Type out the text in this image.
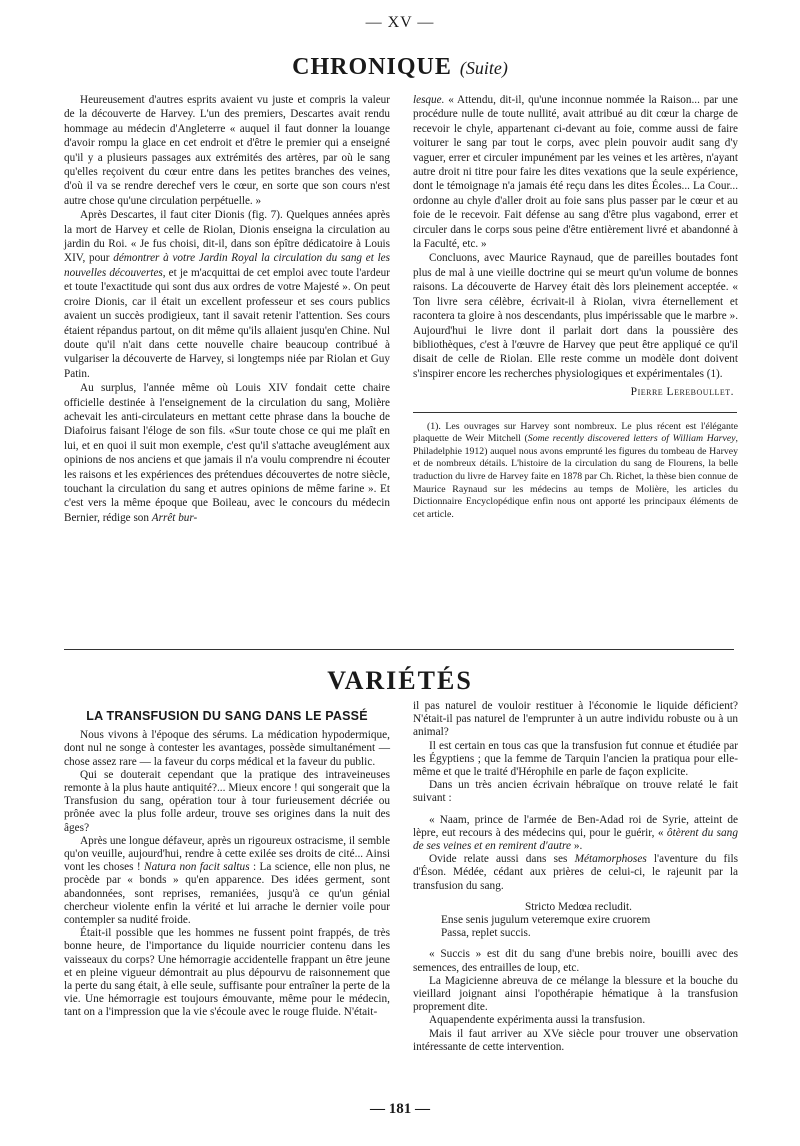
— XV —
CHRONIQUE (Suite)

Heureusement d'autres esprits avaient vu juste et compris la valeur de la découverte de Harvey. L'un des premiers, Descartes avait rendu hommage au médecin d'Angleterre « auquel il faut donner la louange d'avoir rompu la glace en cet endroit et d'être le premier qui a enseigné qu'il y a plusieurs passages aux extrémités des artères, par où le sang qu'elles reçoivent du cœur entre dans les petites branches des veines, d'où il va se rendre derechef vers le cœur, en sorte que son cours n'est autre chose qu'une circulation perpétuelle. »

Après Descartes, il faut citer Dionis (fig. 7). Quelques années après la mort de Harvey et celle de Riolan, Dionis enseigna la circulation au jardin du Roi. « Je fus choisi, dit-il, dans son épître dédicatoire à Louis XIV, pour démontrer à votre Jardin Royal la circulation du sang et les nouvelles découvertes, et je m'acquittai de cet emploi avec toute l'ardeur et toute l'exactitude qui sont dus aux ordres de votre Majesté ». On peut croire Dionis, car il était un excellent professeur et ses cours publics avaient un succès prodigieux, tant il savait retenir l'attention. Ses cours étaient répandus partout, on dit même qu'ils allaient jusqu'en Chine. Nul doute qu'il n'ait dans cette nouvelle chaire beaucoup contribué à vulgariser la découverte de Harvey, si longtemps niée par Riolan et Guy Patin.

Au surplus, l'année même où Louis XIV fondait cette chaire officielle destinée à l'enseignement de la circulation du sang, Molière achevait les anti-circulateurs en mettant cette phrase dans la bouche de Diafoirus faisant l'éloge de son fils. «Sur toute chose ce qui me plaît en lui, et en quoi il suit mon exemple, c'est qu'il s'attache aveuglément aux opinions de nos anciens et que jamais il n'a voulu comprendre ni écouter les raisons et les expériences des prétendues découvertes de notre siècle, touchant la circulation du sang et autres opinions de même farine ». Et c'est vers la même époque que Boileau, avec le concours du médecin Bernier, rédige son Arrêt bur-

lesque. « Attendu, dit-il, qu'une inconnue nommée la Raison... par une procédure nulle de toute nullité, avait attribué au dit cœur la charge de recevoir le chyle, appartenant ci-devant au foie, comme aussi de faire voiturer le sang par tout le corps, avec plein pouvoir audit sang d'y vaguer, errer et circuler impunément par les veines et les artères, n'ayant autre droit ni titre pour faire les dites vexations que la seule expérience, dont le témoignage n'a jamais été reçu dans les dites Écoles... La Cour... ordonne au chyle d'aller droit au foie sans plus passer par le cœur et au foie de le recevoir. Fait défense au sang d'être plus vagabond, errer et circuler dans le corps sous peine d'être entièrement livré et abandonné à la Faculté, etc. »

Concluons, avec Maurice Raynaud, que de pareilles boutades font plus de mal à une vieille doctrine qui se meurt qu'un volume de bonnes raisons. La découverte de Harvey était dès lors pleinement acceptée. « Ton livre sera célèbre, écrivait-il à Riolan, vivra éternellement et racontera ta gloire à nos descendants, plus impérissable que le marbre ». Aujourd'hui le livre dont il parlait dort dans la poussière des bibliothèques, c'est à l'œuvre de Harvey que peut être appliqué ce qu'il disait de celle de Riolan. Elle reste comme un modèle dont doivent s'inspirer encore les recherches physiologiques et expérimentales (1).

Pierre Lereboullet.

(1). Les ouvrages sur Harvey sont nombreux. Le plus récent est l'élégante plaquette de Weir Mitchell (Some recently discovered letters of William Harvey, Philadelphie 1912) auquel nous avons emprunté les figures du tombeau de Harvey et de nombreux détails. L'histoire de la circulation du sang de Flourens, la belle traduction du livre de Harvey faite en 1878 par Ch. Richet, la thèse bien connue de Maurice Raynaud sur les médecins au temps de Molière, les articles du Dictionnaire Encyclopédique enfin nous ont apporté les principaux éléments de cet article.

VARIÉTÉS
LA TRANSFUSION DU SANG DANS LE PASSÉ

Nous vivons à l'époque des sérums. La médication hypodermique, dont nul ne songe à contester les avantages, possède simultanément — chose assez rare — la faveur du corps médical et la faveur du public.

Qui se douterait cependant que la pratique des intraveineuses remonte à la plus haute antiquité?... Mieux encore ! qui songerait que la Transfusion du sang, opération tour à tour furieusement décriée ou prônée avec la plus folle ardeur, trouve ses origines dans la nuit des âges?

Après une longue défaveur, après un rigoureux ostracisme, il semble qu'on veuille, aujourd'hui, rendre à cette exilée ses droits de cité... Ainsi vont les choses ! Natura non facit saltus : La science, elle non plus, ne procède par « bonds » qu'en apparence. Des idées germent, sont abandonnées, sont reprises, remaniées, jusqu'à ce qu'un génial chercheur violente enfin la vérité et lui arrache le dernier voile pour contempler sa nudité froide.

Était-il possible que les hommes ne fussent point frappés, de très bonne heure, de l'importance du liquide nourricier contenu dans les vaisseaux du corps? Une hémorragie accidentelle frappant un être jeune et en pleine vigueur démontrait au plus dépourvu de raisonnement que la perte du sang était, à elle seule, suffisante pour entraîner la perte de la vie. Une hémorragie est toujours émouvante, même pour le médecin, tant on a l'impression que la vie s'écoule avec le rouge fluide. N'était-

il pas naturel de vouloir restituer à l'économie le liquide déficient? N'était-il pas naturel de l'emprunter à un autre individu robuste ou à un animal?

Il est certain en tous cas que la transfusion fut connue et étudiée par les Égyptiens ; que la femme de Tarquin l'ancien la pratiqua pour elle-même et que le traité d'Hérophile en parle de façon explicite.

Dans un très ancien écrivain hébraïque on trouve relaté le fait suivant :

« Naam, prince de l'armée de Ben-Adad roi de Syrie, atteint de lèpre, eut recours à des médecins qui, pour le guérir, « ôtèrent du sang de ses veines et en remirent d'autre ».

Ovide relate aussi dans ses Métamorphoses l'aventure du fils d'Éson. Médée, cédant aux prières de celui-ci, le rajeunit par la transfusion du sang.

Stricto Medœa recludit.

Ense senis jugulum veteremque exire cruorem

Passa, replet succis.

« Succis » est dit du sang d'une brebis noire, bouilli avec des semences, des entrailles de loup, etc.

La Magicienne abreuva de ce mélange la blessure et la bouche du vieillard joignant ainsi l'opothérapie hématique à la transfusion proprement dite.

Aquapendente expérimenta aussi la transfusion.

Mais il faut arriver au XVe siècle pour trouver une observation intéressante de cette intervention.

— 181 —
